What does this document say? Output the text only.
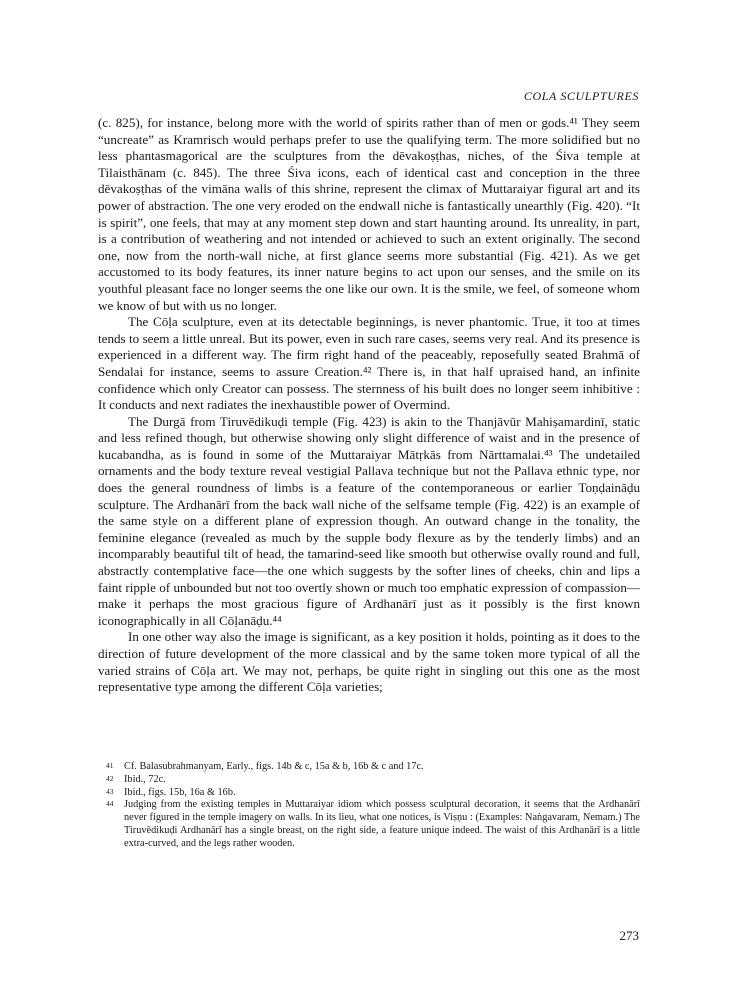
COLA SCULPTURES

(c. 825), for instance, belong more with the world of spirits rather than of men or gods.⁴¹ They seem “uncreate” as Kramrisch would perhaps prefer to use the qualifying term. The more solidified but no less phantasmagorical are the sculptures from the dēvakoṣṭhas, niches, of the Śiva temple at Tilaisthānam (c. 845). The three Śiva icons, each of identical cast and conception in the three dēvakoṣṭhas of the vimāna walls of this shrine, represent the climax of Muttaraiyar figural art and its power of abstraction. The one very eroded on the endwall niche is fantastically unearthly (Fig. 420). “It is spirit”, one feels, that may at any moment step down and start haunting around. Its unreality, in part, is a contribution of weathering and not intended or achieved to such an extent originally. The second one, now from the north-wall niche, at first glance seems more substantial (Fig. 421). As we get accustomed to its body features, its inner nature begins to act upon our senses, and the smile on its youthful pleasant face no longer seems the one like our own. It is the smile, we feel, of someone whom we know of but with us no longer.

The Cōḷa sculpture, even at its detectable beginnings, is never phantomic. True, it too at times tends to seem a little unreal. But its power, even in such rare cases, seems very real. And its presence is experienced in a different way. The firm right hand of the peaceably, reposefully seated Brahmā of Sendalai for instance, seems to assure Creation.⁴² There is, in that half upraised hand, an infinite confidence which only Creator can possess. The sternness of his built does no longer seem inhibitive : It conducts and next radiates the inexhaustible power of Overmind.

The Durgā from Tiruvēdikuḍi temple (Fig. 423) is akin to the Thanjāvūr Mahiṣamardinī, static and less refined though, but otherwise showing only slight difference of waist and in the presence of kucabandha, as is found in some of the Muttaraiyar Mātṛkās from Nārttamalai.⁴³ The undetailed ornaments and the body texture reveal vestigial Pallava technique but not the Pallava ethnic type, nor does the general roundness of limbs is a feature of the contemporaneous or earlier Toṇḍaināḍu sculpture. The Ardhanārī from the back wall niche of the selfsame temple (Fig. 422) is an example of the same style on a different plane of expression though. An outward change in the tonality, the feminine elegance (revealed as much by the supple body flexure as by the tenderly limbs) and an incomparably beautiful tilt of head, the tamarind-seed like smooth but otherwise ovally round and full, abstractly contemplative face—the one which suggests by the softer lines of cheeks, chin and lips a faint ripple of unbounded but not too overtly shown or much too emphatic expression of compassion—make it perhaps the most gracious figure of Ardhanārī just as it possibly is the first known iconographically in all Cōḷanāḍu.⁴⁴

In one other way also the image is significant, as a key position it holds, pointing as it does to the direction of future development of the more classical and by the same token more typical of all the varied strains of Cōḷa art. We may not, perhaps, be quite right in singling out this one as the most representative type among the different Cōḷa varieties;

41	Cf. Balasubrahmanyam, Early., figs. 14b & c, 15a & b, 16b & c and 17c.
42	Ibid., 72c.
43	Ibid., figs. 15b, 16a & 16b.
44	Judging from the existing temples in Muttaraiyar idiom which possess sculptural decoration, it seems that the Ardhanārī never figured in the temple imagery on walls. In its lieu, what one notices, is Viṣṇu : (Examples: Naṅgavaram, Nemam.) The Tiruvēdikuḍi Ardhanārī has a single breast, on the right side, a feature unique indeed. The waist of this Ardhanārī is a little extra-curved, and the legs rather wooden.
273
